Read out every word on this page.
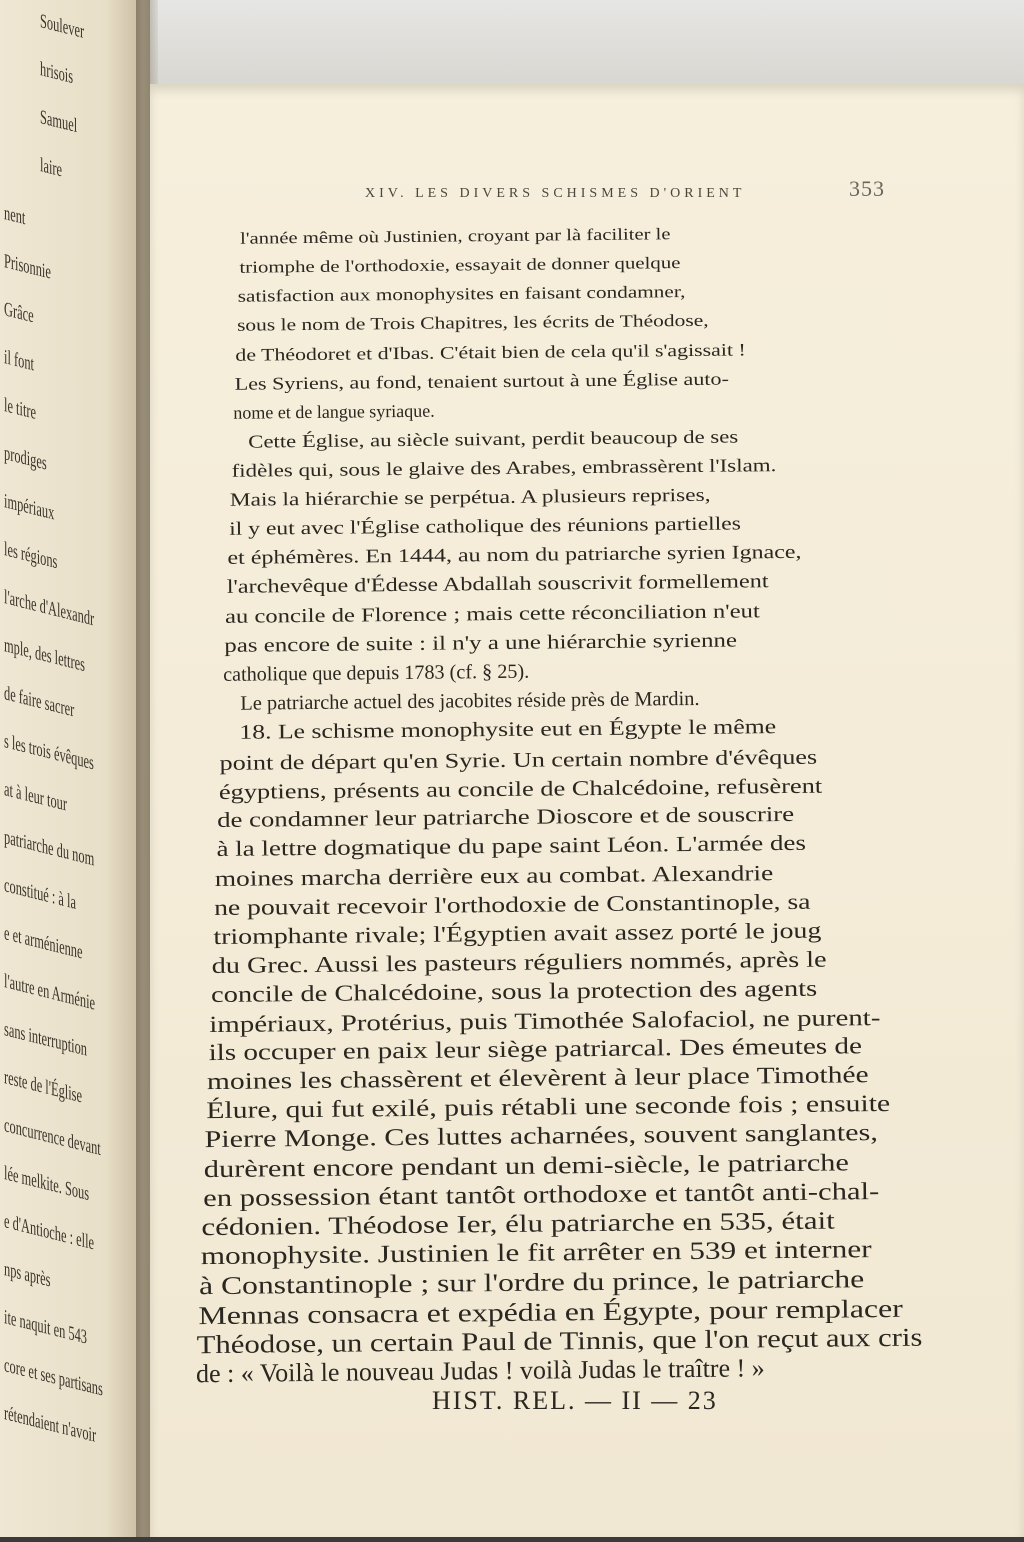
Soulever
hrisois
Samuel
laire
nent
Prisonnie
Grâce
il font
le titre
prodiges
impériaux
les régions
l'arche d'Alexandr
mple, des lettres
de faire sacrer
s les trois évêques
at à leur tour
patriarche du nom
constitué : à la
e et arménienne
l'autre en Arménie
sans interruption
reste de l'Église
concurrence devant
lée melkite. Sous
e d'Antioche : elle
nps après
ite naquit en 543
core et ses partisans
rétendaient n'avoir
XIV. LES DIVERS SCHISMES D'ORIENT	353
l'année même où Justinien, croyant par là faciliter le
triomphe de l'orthodoxie, essayait de donner quelque
satisfaction aux monophysites en faisant condamner,
sous le nom de Trois Chapitres, les écrits de Théodose,
de Théodoret et d'Ibas. C'était bien de cela qu'il s'agissait !
Les Syriens, au fond, tenaient surtout à une Église auto-
nome et de langue syriaque.
Cette Église, au siècle suivant, perdit beaucoup de ses
fidèles qui, sous le glaive des Arabes, embrassèrent l'Islam.
Mais la hiérarchie se perpétua. A plusieurs reprises,
il y eut avec l'Église catholique des réunions partielles
et éphémères. En 1444, au nom du patriarche syrien Ignace,
l'archevêque d'Édesse Abdallah souscrivit formellement
au concile de Florence ; mais cette réconciliation n'eut
pas encore de suite : il n'y a une hiérarchie syrienne
catholique que depuis 1783 (cf. § 25).
Le patriarche actuel des jacobites réside près de Mardin.
18. Le schisme monophysite eut en Égypte le même
point de départ qu'en Syrie. Un certain nombre d'évêques
égyptiens, présents au concile de Chalcédoine, refusèrent
de condamner leur patriarche Dioscore et de souscrire
à la lettre dogmatique du pape saint Léon. L'armée des
moines marcha derrière eux au combat. Alexandrie
ne pouvait recevoir l'orthodoxie de Constantinople, sa
triomphante rivale; l'Égyptien avait assez porté le joug
du Grec. Aussi les pasteurs réguliers nommés, après le
concile de Chalcédoine, sous la protection des agents
impériaux, Protérius, puis Timothée Salofaciol, ne purent-
ils occuper en paix leur siège patriarcal. Des émeutes de
moines les chassèrent et élevèrent à leur place Timothée
Élure, qui fut exilé, puis rétabli une seconde fois ; ensuite
Pierre Monge. Ces luttes acharnées, souvent sanglantes,
durèrent encore pendant un demi-siècle, le patriarche
en possession étant tantôt orthodoxe et tantôt anti-chal-
cédonien. Théodose Ier, élu patriarche en 535, était
monophysite. Justinien le fit arrêter en 539 et interner
à Constantinople ; sur l'ordre du prince, le patriarche
Mennas consacra et expédia en Égypte, pour remplacer
Théodose, un certain Paul de Tinnis, que l'on reçut aux cris
de : « Voilà le nouveau Judas ! voilà Judas le traître ! »
HIST. REL. — II — 23
